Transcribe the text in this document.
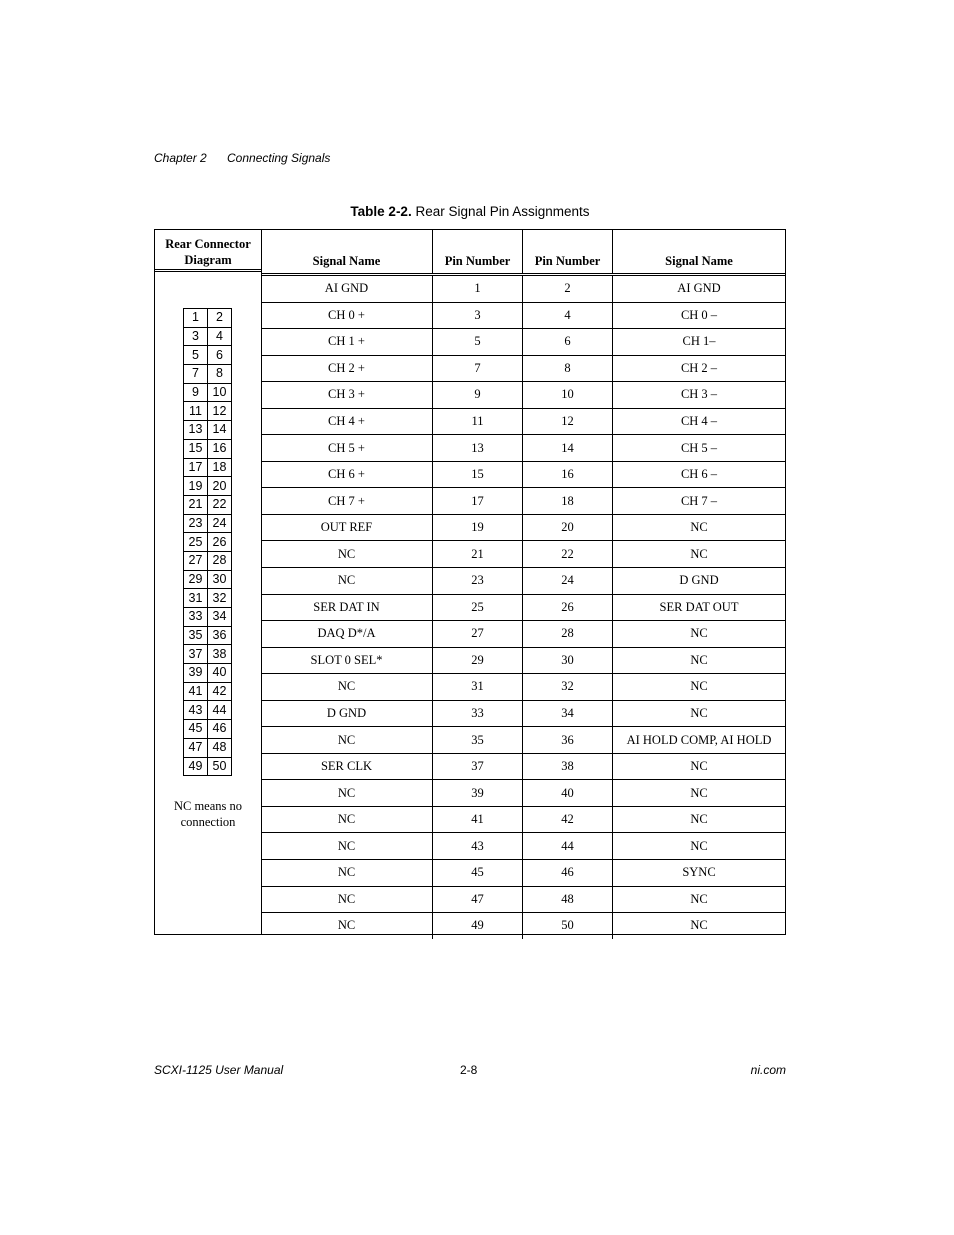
Chapter 2 Connecting Signals
Table 2-2. Rear Signal Pin Assignments
Rear Connector
Diagram
1	2
3	4
5	6
7	8
9	10
11	12
13	14
15	16
17	18
19	20
21	22
23	24
25	26
27	28
29	30
31	32
33	34
35	36
37	38
39	40
41	42
43	44
45	46
47	48
49	50
NC means no
connection
Signal Name	Pin Number	Pin Number	Signal Name
AI GND	1	2	AI GND
CH 0 +	3	4	CH 0 –
CH 1 +	5	6	CH 1–
CH 2 +	7	8	CH 2 –
CH 3 +	9	10	CH 3 –
CH 4 +	11	12	CH 4 –
CH 5 +	13	14	CH 5 –
CH 6 +	15	16	CH 6 –
CH 7 +	17	18	CH 7 –
OUT REF	19	20	NC
NC	21	22	NC
NC	23	24	D GND
SER DAT IN	25	26	SER DAT OUT
DAQ D*/A	27	28	NC
SLOT 0 SEL*	29	30	NC
NC	31	32	NC
D GND	33	34	NC
NC	35	36	AI HOLD COMP, AI HOLD
SER CLK	37	38	NC
NC	39	40	NC
NC	41	42	NC
NC	43	44	NC
NC	45	46	SYNC
NC	47	48	NC
NC	49	50	NC
SCXI-1125 User Manual	2-8	ni.com
